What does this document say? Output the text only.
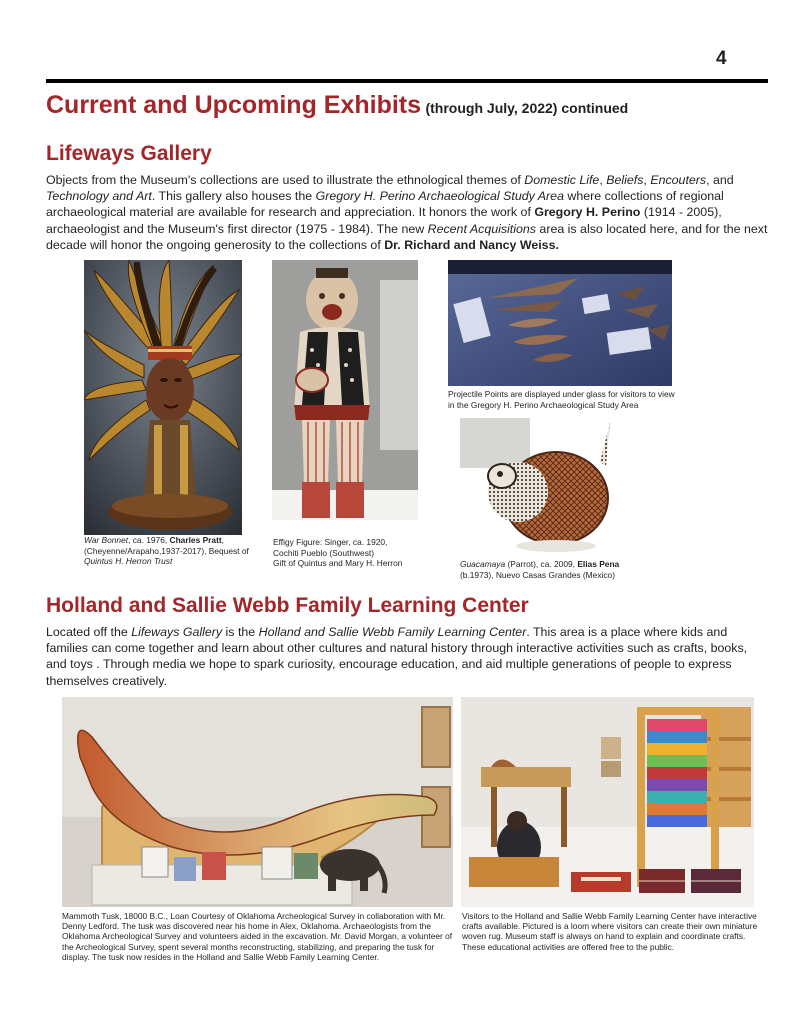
4
Current and Upcoming Exhibits (through July, 2022) continued
Lifeways Gallery
Objects from the Museum's collections are used to illustrate the ethnological themes of Domestic Life, Beliefs, Encouters, and Technology and Art. This gallery also houses the Gregory H. Perino Archaeological Study Area where collections of regional archaeological material are available for research and appreciation. It honors the work of Gregory H. Perino (1914 - 2005), archaeologist and the Museum's first director (1975 - 1984). The new Recent Acquisitions area is also located here, and for the next decade will honor the ongoing generosity to the collections of Dr. Richard and Nancy Weiss.
Projectile Points are displayed under glass for visitors to view in the Gregory H. Perino Archaeological Study Area
War Bonnet, ca. 1976, Charles Pratt, (Cheyenne/Arapaho,1937-2017), Bequest of Quintus H. Herron Trust
Effigy Figure: Singer, ca. 1920,
Cochiti Pueblo (Southwest)
Gift of Quintus and Mary H. Herron	Guacamaya (Parrot), ca. 2009, Elias Pena (b.1973), Nuevo Casas Grandes (Mexico)
Holland and Sallie Webb Family Learning Center
Located off the Lifeways Gallery is the Holland and Sallie Webb Family Learning Center. This area is a place where kids and families can come together and learn about other cultures and natural history through interactive activities such as crafts, books, and toys . Through media we hope to spark curiosity, encourage education, and aid multiple generations of people to express themselves creatively.
Mammoth Tusk, 18000 B.C., Loan Courtesy of Oklahoma Archeological Survey in collaboration with Mr. Denny Ledford. The tusk was discovered near his home in Alex, Oklahoma. Archaeologists from the Oklahoma Archeological Survey and volunteers aided in the excavation. Mr. David Morgan, a volunteer of the Archeological Survey, spent several months reconstructing, stabilizing, and preparing the tusk for display. The tusk now resides in the Holland and Sallie Webb Family Learning Center.
Visitors to the Holland and Sallie Webb Family Learning Center have interactive crafts available. Pictured is a loom where visitors can create their own miniature woven rug. Museum staff is always on hand to explain and coordinate crafts. These educational activities are offered free to the public.
